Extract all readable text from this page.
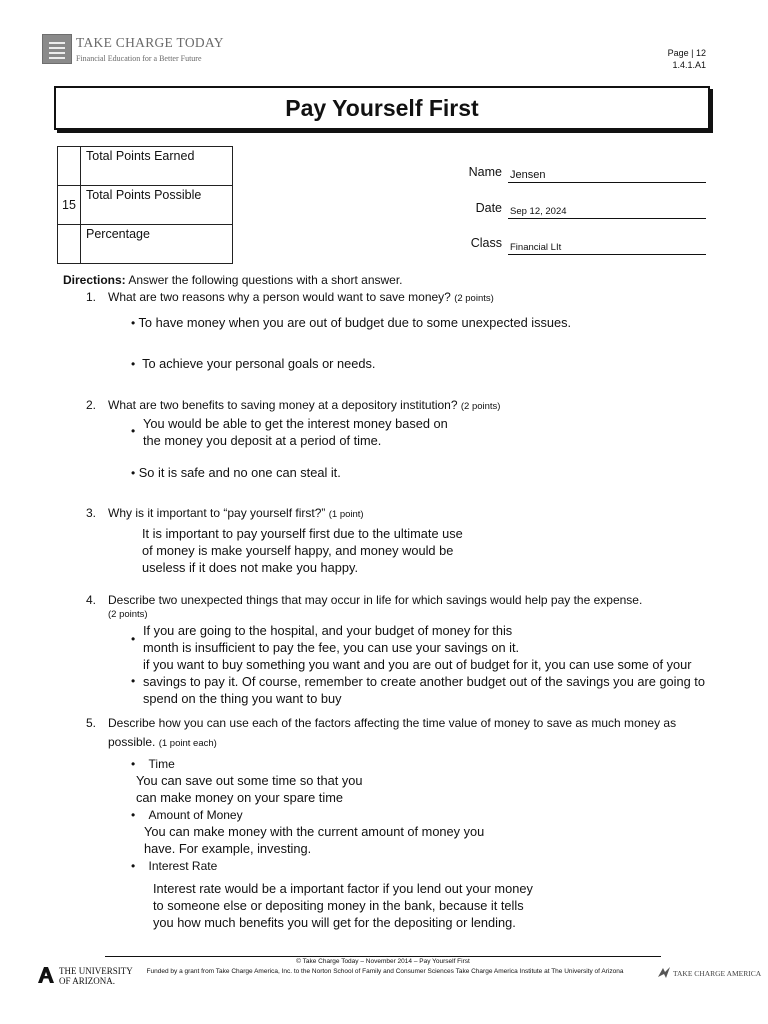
TAKE CHARGE TODAY
Financial Education for a Better Future
Page | 12
1.4.1.A1
Pay Yourself First
	Total Points Earned
15	Total Points Possible
	Percentage
Name Jensen
Date Sep 12, 2024
Class Financial LIt
Directions: Answer the following questions with a short answer.
1. What are two reasons why a person would want to save money? (2 points)
• To have money when you are out of budget due to some unexpected issues.
• To achieve your personal goals or needs.
2. What are two benefits to saving money at a depository institution? (2 points)
• You would be able to get the interest money based on
the money you deposit at a period of time.
• So it is safe and no one can steal it.
3. Why is it important to “pay yourself first?” (1 point)
It is important to pay yourself first due to the ultimate use
of money is make yourself happy, and money would be
useless if it does not make you happy.
4. Describe two unexpected things that may occur in life for which savings would help pay the expense.
(2 points)
•
If you are going to the hospital, and your budget of money for this
month is insufficient to pay the fee, you can use your savings on it.
•
if you want to buy something you want and you are out of budget for it, you can use some of your
savings to pay it. Of course, remember to create another budget out of the savings you are going to
spend on the thing you want to buy
5. Describe how you can use each of the factors affecting the time value of money to save as much money as
possible. (1 point each)
• Time
You can save out some time so that you
can make money on your spare time
• Amount of Money
You can make money with the current amount of money you
have. For example, investing.
• Interest Rate
Interest rate would be a important factor if you lend out your money
to someone else or depositing money in the bank, because it tells
you how much benefits you will get for the depositing or lending.
© Take Charge Today – November 2014 – Pay Yourself First
Funded by a grant from Take Charge America, Inc. to the Norton School of Family and Consumer Sciences Take Charge America Institute at The University of Arizona
THE UNIVERSITY
OF ARIZONA.
TAKE CHARGE AMERICA
